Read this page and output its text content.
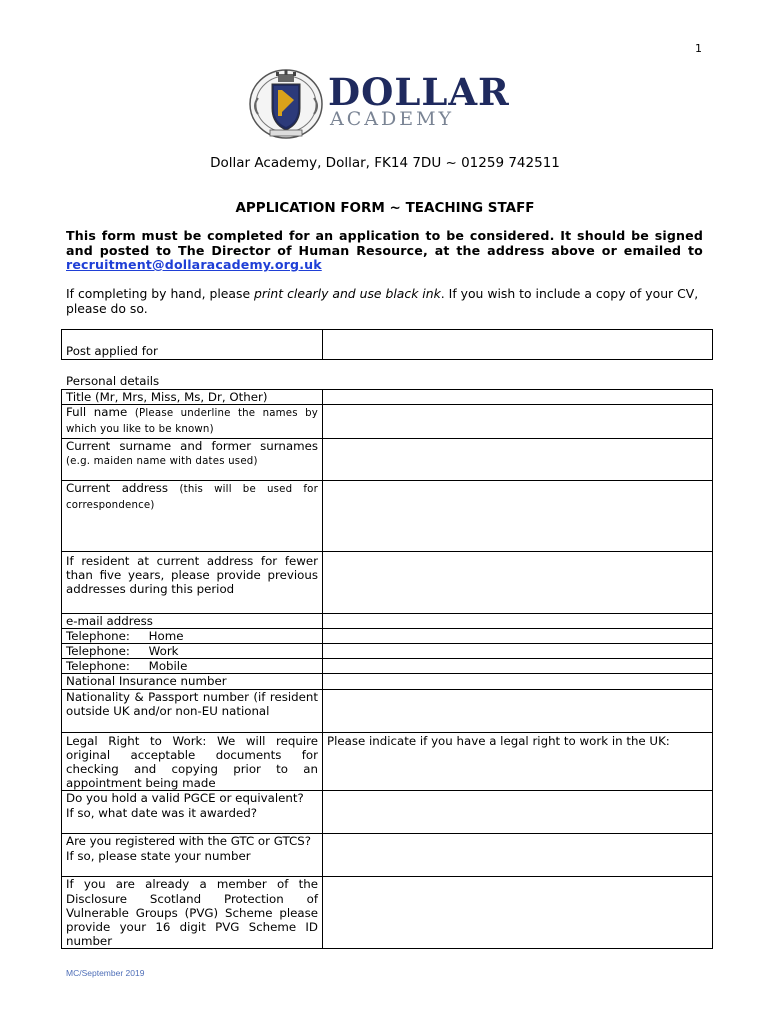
1
DOLLAR
ACADEMY
Dollar Academy, Dollar, FK14 7DU ~ 01259 742511
APPLICATION FORM ~ TEACHING STAFF
This form must be completed for an application to be considered. It should be signed and posted to The Director of Human Resource, at the address above or emailed to recruitment@dollaracademy.org.uk
If completing by hand, please print clearly and use black ink. If you wish to include a copy of your CV, please do so.
Post applied for	
Personal details
Title (Mr, Mrs, Miss, Ms, Dr, Other)	
Full name (Please underline the names by which you like to be known)	
Current surname and former surnames (e.g. maiden name with dates used)	
Current address (this will be used for correspondence)	

If resident at current address for fewer than five years, please provide previous addresses during this period	

e-mail address	
Telephone:     Home	
Telephone:     Work	
Telephone:     Mobile	
National Insurance number	
Nationality & Passport number (if resident outside UK and/or non-EU national	
Legal Right to Work: We will require original acceptable documents for checking and copying prior to an appointment being made	Please indicate if you have a legal right to work in the UK:

Do you hold a valid PGCE or equivalent?
If so, what date was it awarded?	

Are you registered with the GTC or GTCS?
If so, please state your number	

If you are already a member of the Disclosure Scotland Protection of Vulnerable Groups (PVG) Scheme please provide your 16 digit PVG Scheme ID number	
MC/September 2019
